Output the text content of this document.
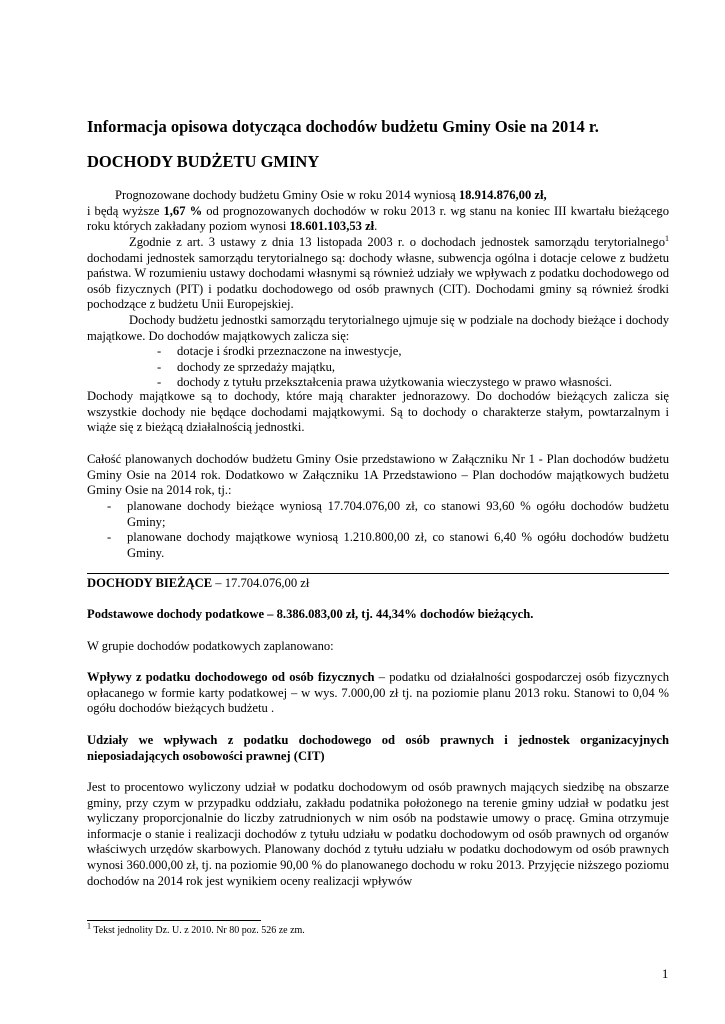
Informacja opisowa dotycząca dochodów budżetu Gminy Osie na 2014 r.
DOCHODY BUDŻETU GMINY
Prognozowane dochody budżetu Gminy Osie w roku 2014 wyniosą 18.914.876,00 zł,
i będą wyższe 1,67 % od prognozowanych dochodów w roku 2013 r. wg stanu na koniec III kwartału bieżącego roku których zakładany poziom wynosi 18.601.103,53 zł.
Zgodnie z art. 3 ustawy z dnia 13 listopada 2003 r. o dochodach jednostek samorządu terytorialnego$^1$ dochodami jednostek samorządu terytorialnego są: dochody własne, subwencja ogólna i dotacje celowe z budżetu państwa. W rozumieniu ustawy dochodami własnymi są również udziały we wpływach z podatku dochodowego od osób fizycznych (PIT) i podatku dochodowego od osób prawnych (CIT). Dochodami gminy są również środki pochodzące z budżetu Unii Europejskiej.
Dochody budżetu jednostki samorządu terytorialnego ujmuje się w podziale na dochody bieżące i dochody majątkowe. Do dochodów majątkowych zalicza się:
- dotacje i środki przeznaczone na inwestycje,
- dochody ze sprzedaży majątku,
- dochody z tytułu przekształcenia prawa użytkowania wieczystego w prawo własności.
Dochody majątkowe są to dochody, które mają charakter jednorazowy. Do dochodów bieżących zalicza się wszystkie dochody nie będące dochodami majątkowymi. Są to dochody o charakterze stałym, powtarzalnym i wiąże się z bieżącą działalnością jednostki.
Całość planowanych dochodów budżetu Gminy Osie przedstawiono w Załączniku Nr 1 - Plan dochodów budżetu Gminy Osie na 2014 rok. Dodatkowo w Załączniku 1A Przedstawiono – Plan dochodów majątkowych budżetu Gminy Osie na 2014 rok, tj.:
- planowane dochody bieżące wyniosą 17.704.076,00 zł, co stanowi 93,60 % ogółu dochodów budżetu Gminy;
- planowane dochody majątkowe wyniosą 1.210.800,00 zł, co stanowi 6,40 % ogółu dochodów budżetu Gminy.
DOCHODY BIEŻĄCE – 17.704.076,00 zł
Podstawowe dochody podatkowe – 8.386.083,00 zł, tj. 44,34% dochodów bieżących.
W grupie dochodów podatkowych zaplanowano:
Wpływy z podatku dochodowego od osób fizycznych – podatku od działalności gospodarczej osób fizycznych opłacanego w formie karty podatkowej – w wys. 7.000,00 zł tj. na poziomie planu 2013 roku. Stanowi to 0,04 % ogółu dochodów bieżących budżetu .
Udziały we wpływach z podatku dochodowego od osób prawnych i jednostek organizacyjnych nieposiadających osobowości prawnej (CIT)
Jest to procentowo wyliczony udział w podatku dochodowym od osób prawnych mających siedzibę na obszarze gminy, przy czym w przypadku oddziału, zakładu podatnika położonego na terenie gminy udział w podatku jest wyliczany proporcjonalnie do liczby zatrudnionych w nim osób na podstawie umowy o pracę. Gmina otrzymuje informacje o stanie i realizacji dochodów z tytułu udziału w podatku dochodowym od osób prawnych od organów właściwych urzędów skarbowych. Planowany dochód z tytułu udziału w podatku dochodowym od osób prawnych wynosi 360.000,00 zł, tj. na poziomie 90,00 % do planowanego dochodu w roku 2013. Przyjęcie niższego poziomu dochodów na 2014 rok jest wynikiem oceny realizacji wpływów
$^1$ Tekst jednolity Dz. U. z 2010. Nr 80 poz. 526 ze zm.
1
